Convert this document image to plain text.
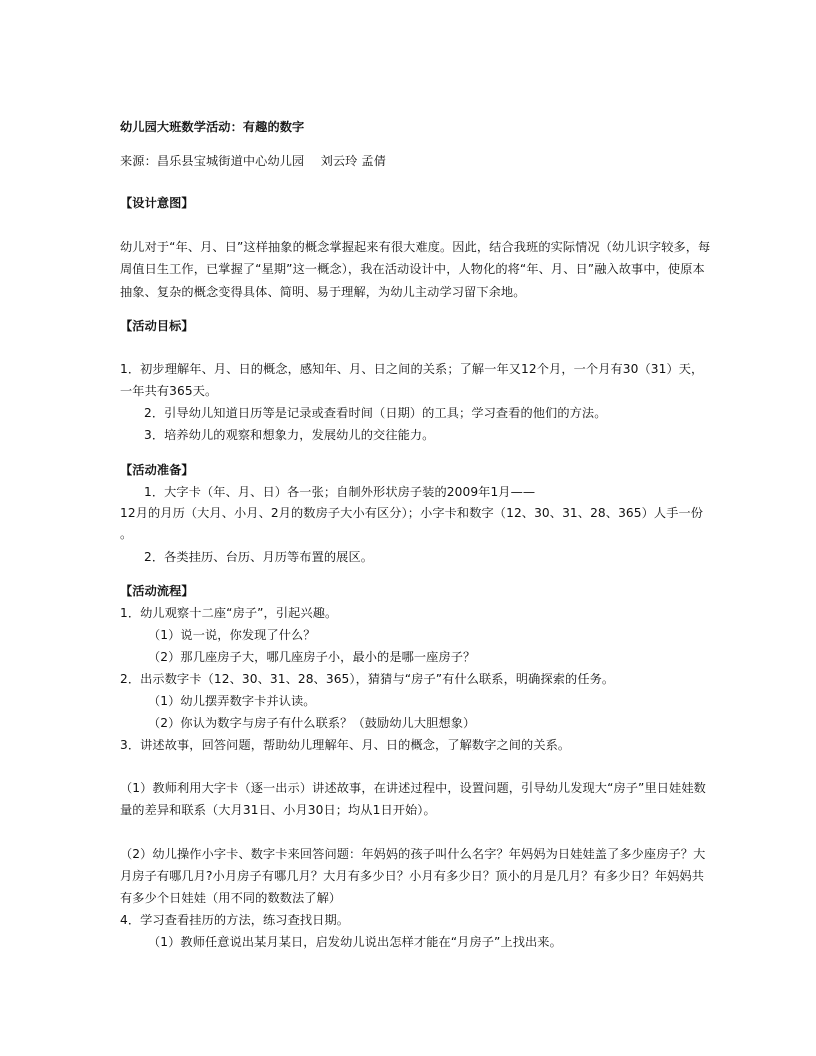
幼儿园大班数学活动：有趣的数字
来源：昌乐县宝城街道中心幼儿园　 刘云玲 孟倩
【设计意图】
幼儿对于“年、月、日”这样抽象的概念掌握起来有很大难度。因此，结合我班的实际情况（幼儿识字较多，每
周值日生工作，已掌握了“星期”这一概念），我在活动设计中，人物化的将“年、月、日”融入故事中，使原本
抽象、复杂的概念变得具体、简明、易于理解，为幼儿主动学习留下余地。
【活动目标】
1．初步理解年、月、日的概念，感知年、月、日之间的关系；了解一年又12个月，一个月有30（31）天，
一年共有365天。
2．引导幼儿知道日历等是记录或查看时间（日期）的工具；学习查看的他们的方法。
3．培养幼儿的观察和想象力，发展幼儿的交往能力。
【活动准备】
1．大字卡（年、月、日）各一张；自制外形状房子装的2009年1月——
12月的月历（大月、小月、2月的数房子大小有区分）；小字卡和数字（12、30、31、28、365）人手一份
。
2．各类挂历、台历、月历等布置的展区。
【活动流程】
1．幼儿观察十二座“房子”，引起兴趣。
（1）说一说，你发现了什么？
（2）那几座房子大，哪几座房子小，最小的是哪一座房子？
2．出示数字卡（12、30、31、28、365），猜猜与“房子”有什么联系，明确探索的任务。
（1）幼儿摆弄数字卡并认读。
（2）你认为数字与房子有什么联系？（鼓励幼儿大胆想象）
3．讲述故事，回答问题，帮助幼儿理解年、月、日的概念，了解数字之间的关系。
（1）教师利用大字卡（逐一出示）讲述故事，在讲述过程中，设置问题，引导幼儿发现大“房子”里日娃娃数
量的差异和联系（大月31日、小月30日；均从1日开始）。
（2）幼儿操作小字卡、数字卡来回答问题：年妈妈的孩子叫什么名字？年妈妈为日娃娃盖了多少座房子？大
月房子有哪几月?小月房子有哪几月？大月有多少日？小月有多少日？顶小的月是几月？有多少日？年妈妈共
有多少个日娃娃（用不同的数数法了解）
4．学习查看挂历的方法，练习查找日期。
（1）教师任意说出某月某日，启发幼儿说出怎样才能在“月房子”上找出来。
